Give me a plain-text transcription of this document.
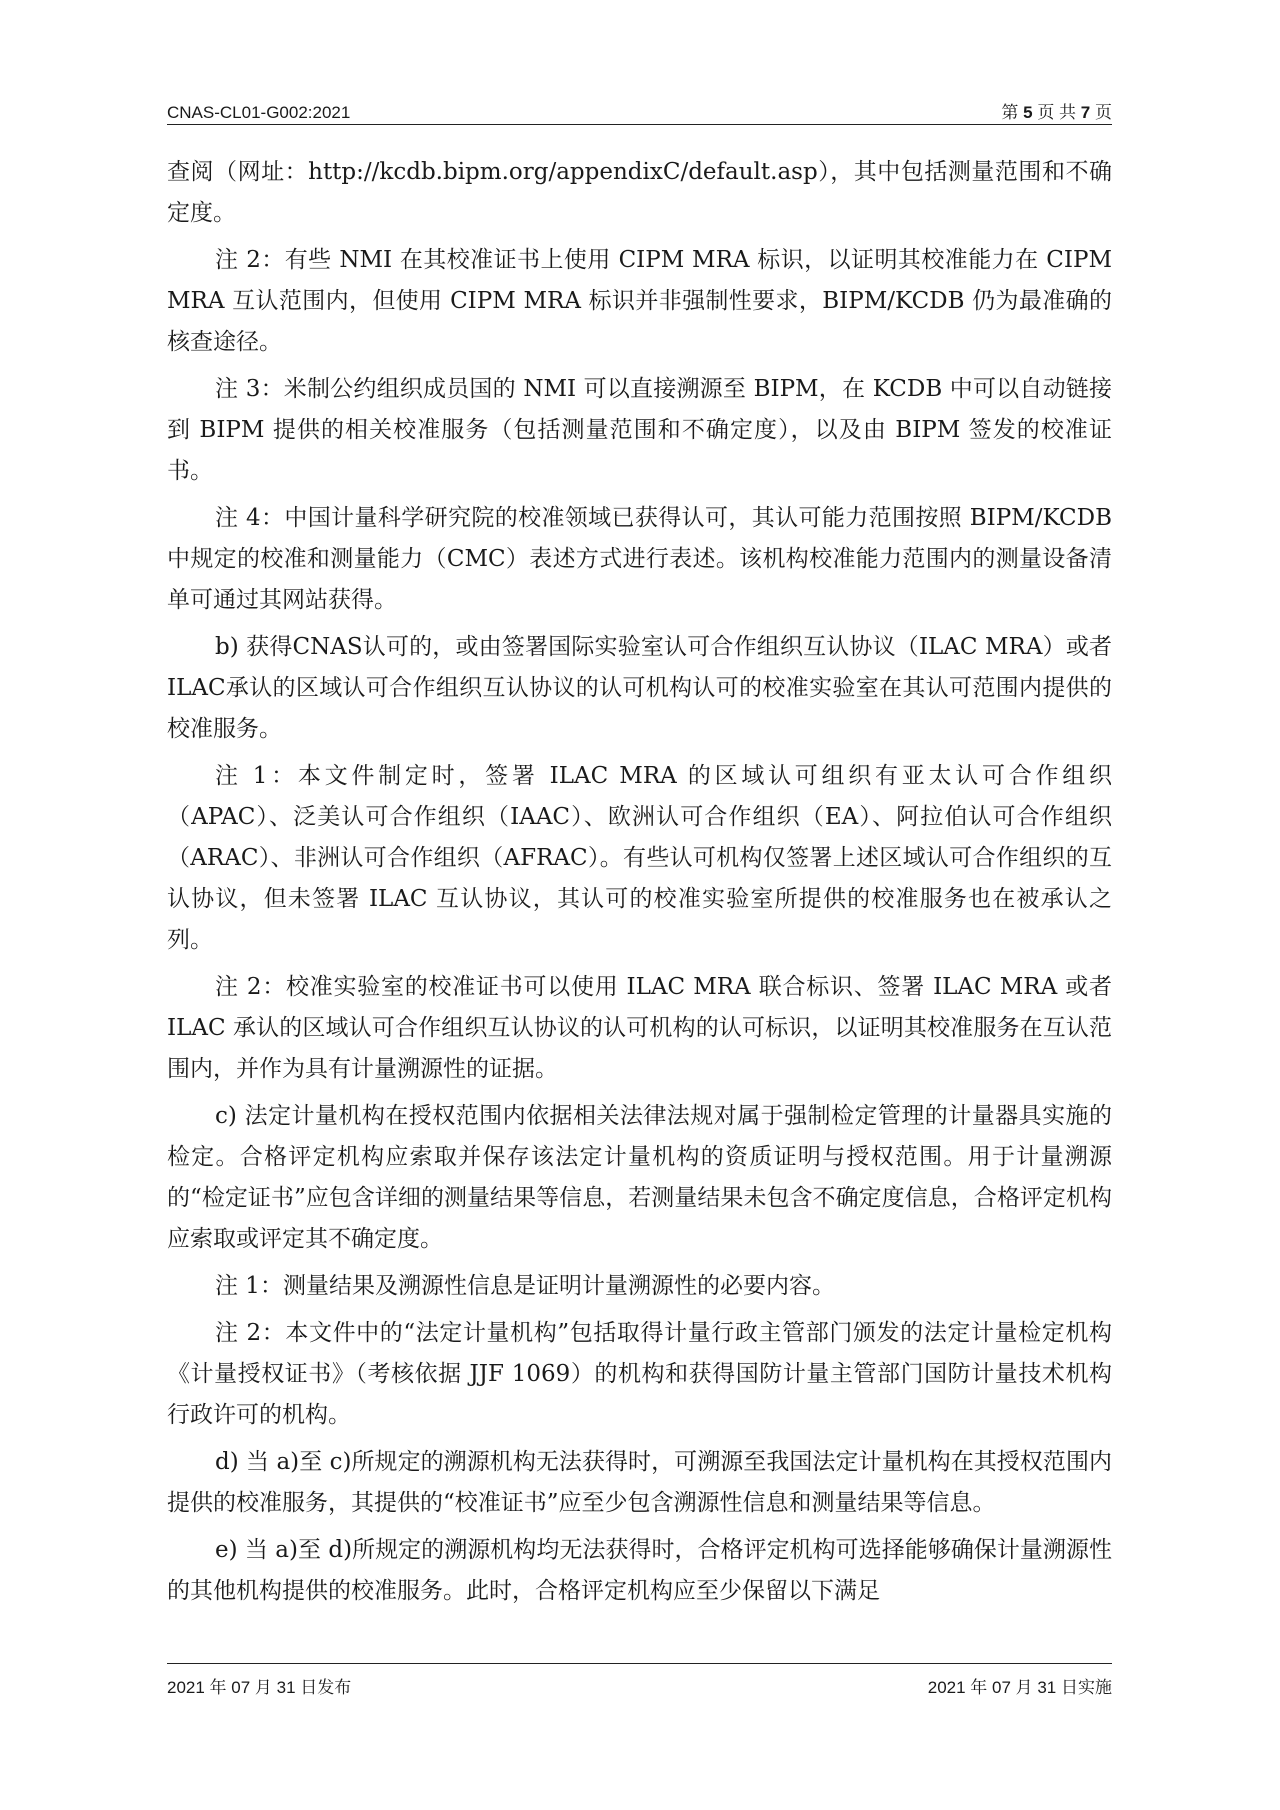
CNAS-CL01-G002:2021	第 5 页 共 7 页

查阅（网址：http://kcdb.bipm.org/appendixC/default.asp），其中包括测量范围和不确定度。

注 2：有些 NMI 在其校准证书上使用 CIPM MRA 标识，以证明其校准能力在 CIPM MRA 互认范围内，但使用 CIPM MRA 标识并非强制性要求，BIPM/KCDB 仍为最准确的核查途径。

注 3：米制公约组织成员国的 NMI 可以直接溯源至 BIPM，在 KCDB 中可以自动链接到 BIPM 提供的相关校准服务（包括测量范围和不确定度），以及由 BIPM 签发的校准证书。

注 4：中国计量科学研究院的校准领域已获得认可，其认可能力范围按照 BIPM/KCDB 中规定的校准和测量能力（CMC）表述方式进行表述。该机构校准能力范围内的测量设备清单可通过其网站获得。

b) 获得CNAS认可的，或由签署国际实验室认可合作组织互认协议（ILAC MRA）或者ILAC承认的区域认可合作组织互认协议的认可机构认可的校准实验室在其认可范围内提供的校准服务。

注 1：本文件制定时，签署 ILAC MRA 的区域认可组织有亚太认可合作组织（APAC）、泛美认可合作组织（IAAC）、欧洲认可合作组织（EA）、阿拉伯认可合作组织（ARAC）、非洲认可合作组织（AFRAC）。有些认可机构仅签署上述区域认可合作组织的互认协议，但未签署 ILAC 互认协议，其认可的校准实验室所提供的校准服务也在被承认之列。

注 2：校准实验室的校准证书可以使用 ILAC MRA 联合标识、签署 ILAC MRA 或者 ILAC 承认的区域认可合作组织互认协议的认可机构的认可标识，以证明其校准服务在互认范围内，并作为具有计量溯源性的证据。

c) 法定计量机构在授权范围内依据相关法律法规对属于强制检定管理的计量器具实施的检定。合格评定机构应索取并保存该法定计量机构的资质证明与授权范围。用于计量溯源的“检定证书”应包含详细的测量结果等信息，若测量结果未包含不确定度信息，合格评定机构应索取或评定其不确定度。

注 1：测量结果及溯源性信息是证明计量溯源性的必要内容。

注 2：本文件中的“法定计量机构”包括取得计量行政主管部门颁发的法定计量检定机构《计量授权证书》（考核依据 JJF 1069）的机构和获得国防计量主管部门国防计量技术机构行政许可的机构。

d) 当 a)至 c)所规定的溯源机构无法获得时，可溯源至我国法定计量机构在其授权范围内提供的校准服务，其提供的“校准证书”应至少包含溯源性信息和测量结果等信息。

e) 当 a)至 d)所规定的溯源机构均无法获得时，合格评定机构可选择能够确保计量溯源性的其他机构提供的校准服务。此时，合格评定机构应至少保留以下满足

2021 年 07 月 31 日发布	2021 年 07 月 31 日实施
